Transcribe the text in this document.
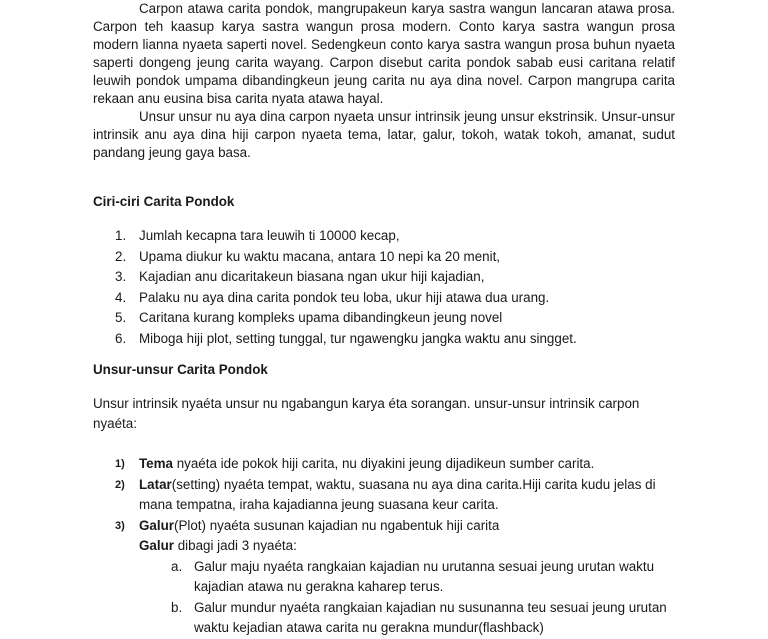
Carpon atawa carita pondok, mangrupakeun karya sastra wangun lancaran atawa prosa. Carpon teh kaasup karya sastra wangun prosa modern. Conto karya sastra wangun prosa modern lianna nyaeta saperti novel. Sedengkeun conto karya sastra wangun prosa buhun nyaeta saperti dongeng jeung carita wayang. Carpon disebut carita pondok sabab eusi caritana relatif leuwih pondok umpama dibandingkeun jeung carita nu aya dina novel. Carpon mangrupa carita rekaan anu eusina bisa carita nyata atawa hayal.

Unsur unsur nu aya dina carpon nyaeta unsur intrinsik jeung unsur ekstrinsik. Unsur-unsur intrinsik anu aya dina hiji carpon nyaeta tema, latar, galur, tokoh, watak tokoh, amanat, sudut pandang jeung gaya basa.

Ciri-ciri Carita Pondok

1. Jumlah kecapna tara leuwih ti 10000 kecap,
2. Upama diukur ku waktu macana, antara 10 nepi ka 20 menit,
3. Kajadian anu dicaritakeun biasana ngan ukur hiji kajadian,
4. Palaku nu aya dina carita pondok teu loba, ukur hiji atawa dua urang.
5. Caritana kurang kompleks upama dibandingkeun jeung novel
6. Miboga hiji plot, setting tunggal, tur ngawengku jangka waktu anu singget.

Unsur-unsur Carita Pondok

Unsur intrinsik nyaéta unsur nu ngabangun karya éta sorangan. unsur-unsur intrinsik carpon nyaéta:

1) Tema nyaéta ide pokok hiji carita, nu diyakini jeung dijadikeun sumber carita.
2) Latar(setting) nyaéta tempat, waktu, suasana nu aya dina carita.Hiji carita kudu jelas di mana tempatna, iraha kajadianna jeung suasana keur carita.
3) Galur(Plot) nyaéta susunan kajadian nu ngabentuk hiji carita
Galur dibagi jadi 3 nyaéta:
a. Galur maju nyaéta rangkaian kajadian nu urutanna sesuai jeung urutan waktu kajadian atawa nu gerakna kaharep terus.
b. Galur mundur nyaéta rangkaian kajadian nu susunanna teu sesuai jeung urutan waktu kejadian atawa carita nu gerakna mundur(flashback)
